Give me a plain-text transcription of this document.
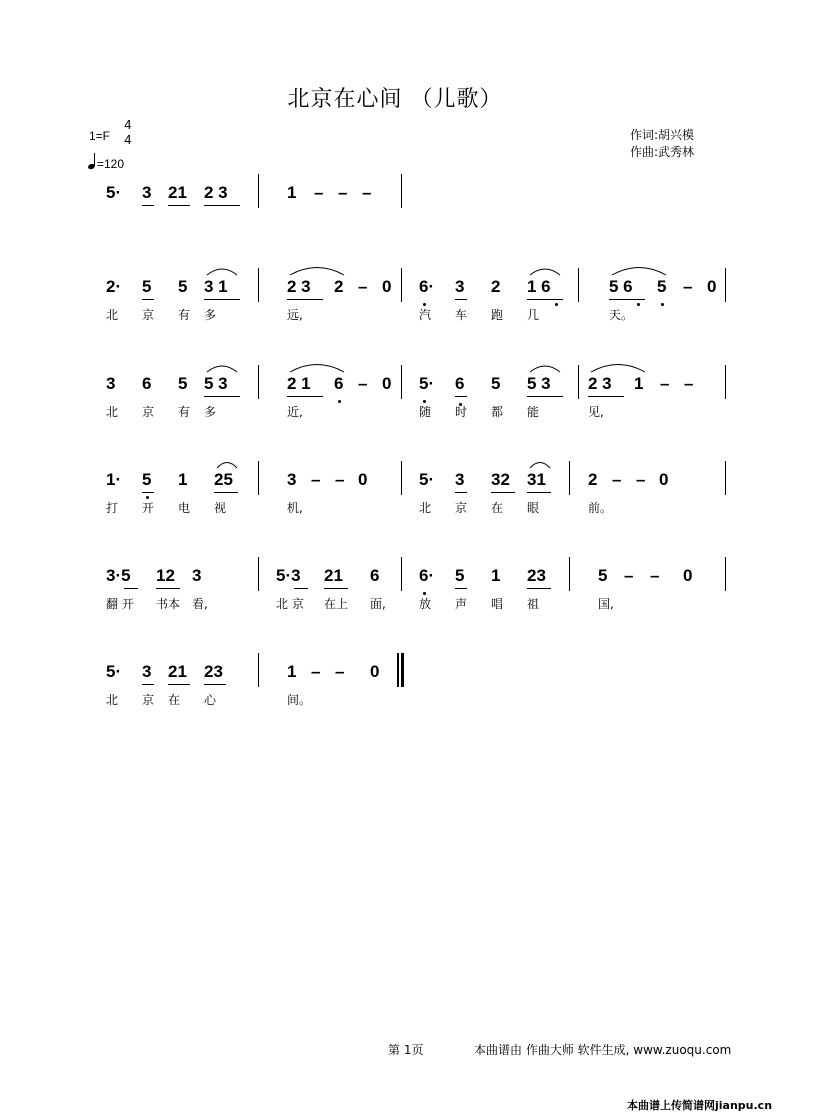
北京在心间 （儿歌）
1=F
4
4
=120
作词:胡兴模
作曲:武秀林
5· 3 21 2 3	1 – – –
2· 5 5 3 1
北 京 有 多
2 3 2 – 0
远,
6· 3 2 1 6
汽 车 跑 几
5 6 5 – 0
天。
3 6 5 5 3
北 京 有 多
2 1 6 – 0
近,
5· 6 5 5 3
随 时 都 能
2 3 1 – –
见,
1· 5 1 25
打 开 电 视
3 – – 0
机,
5· 3 32 31
北 京 在 眼
2 – – 0
前。
3·5 12 3
翻 开 书本 看,
5·3 21 6
北 京 在上 面,
6· 5 1 23
放 声 唱 祖
5 – – 0
国,
5· 3 21 23
北 京 在 心
1 – – 0
间。
第 1页	本曲谱由 作曲大师 软件生成, www.zuoqu.com
本曲谱上传简谱网jianpu.cn
